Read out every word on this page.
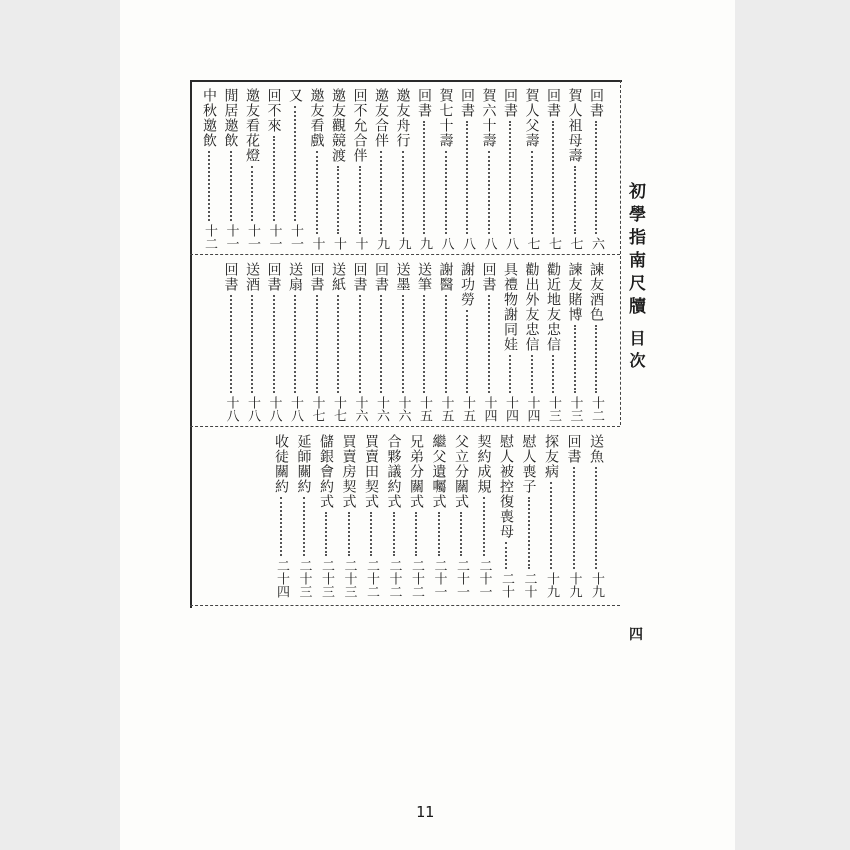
回書
六
賀人祖母壽
七
回書
七
賀人父壽
七
回書
八
賀六十壽
八
回書
八
賀七十壽
八
回書
九
邀友舟行
九
邀友合伴
九
回不允合伴
十
邀友觀競渡
十
邀友看戲
十
又
十一
回不來
十一
邀友看花燈
十一
閒居邀飲
十一
中秋邀飲
十二
諫友酒色
十二
諫友賭博
十三
勸近地友忠信
十三
勸出外友忠信
十四
具禮物謝同娃
十四
回書
十四
謝功勞
十五
謝醫
十五
送筆
十五
送墨
十六
回書
十六
回書
十六
送紙
十七
回書
十七
送扇
十八
回書
十八
送酒
十八
回書
十八
送魚
十九
回書
十九
探友病
十九
慰人喪子
二十
慰人被控復喪母
二十
契約成規
二十一
父立分關式
二十一
繼父遺囑式
二十一
兄弟分關式
二十二
合夥議約式
二十二
買賣田契式
二十二
買賣房契式
二十三
儲銀會約式
二十三
延師關約
二十三
收徒關約
二十四
初學指南尺牘
目次
四
11
